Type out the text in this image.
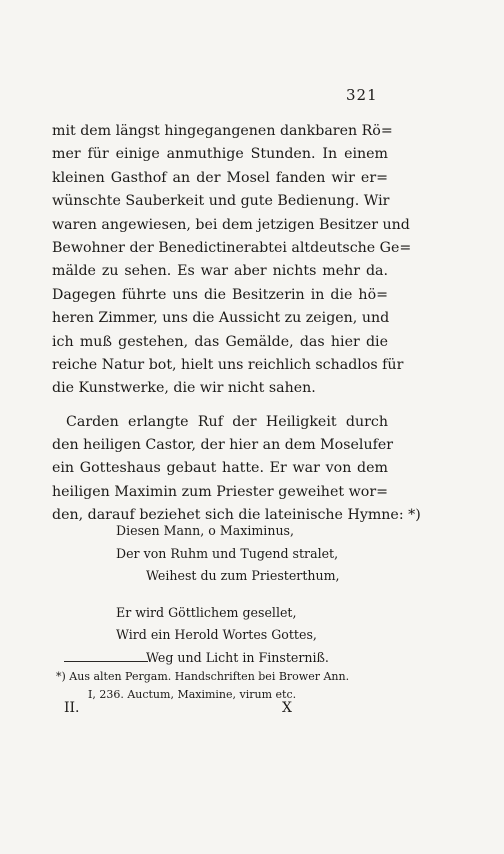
321
mit dem längst hingegangenen dankbaren Rö=
mer für einige anmuthige Stunden. In einem
kleinen Gasthof an der Mosel fanden wir er=
wünschte Sauberkeit und gute Bedienung. Wir
waren angewiesen, bei dem jetzigen Besitzer und
Bewohner der Benedictinerabtei altdeutsche Ge=
mälde zu sehen. Es war aber nichts mehr da.
Dagegen führte uns die Besitzerin in die hö=
heren Zimmer, uns die Aussicht zu zeigen, und
ich muß gestehen, das Gemälde, das hier die
reiche Natur bot, hielt uns reichlich schadlos für
die Kunstwerke, die wir nicht sahen.
Carden erlangte Ruf der Heiligkeit durch
den heiligen Castor, der hier an dem Moselufer
ein Gotteshaus gebaut hatte. Er war von dem
heiligen Maximin zum Priester geweihet wor=
den, darauf beziehet sich die lateinische Hymne: *)
Diesen Mann, o Maximinus,
Der von Ruhm und Tugend stralet,
Weihest du zum Priesterthum,
Er wird Göttlichem gesellet,
Wird ein Herold Wortes Gottes,
Weg und Licht in Finsterniß.
*) Aus alten Pergam. Handschriften bei Brower Ann.
I, 236. Auctum, Maximine, virum etc.
II.	X
